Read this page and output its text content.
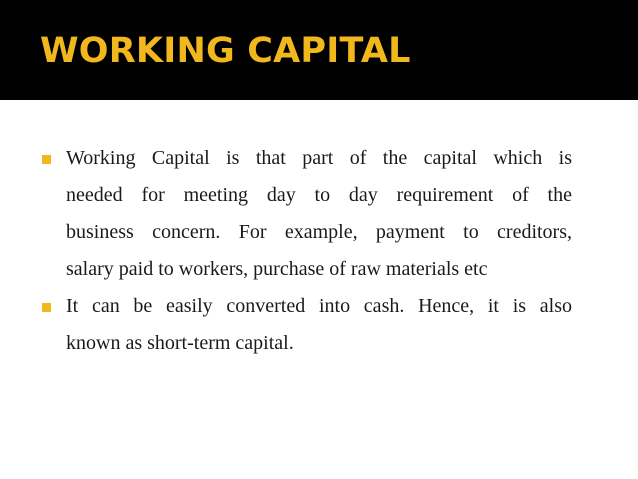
WORKING CAPITAL
Working Capital is that part of the capital which is
needed for meeting day to day requirement of the
business concern. For example, payment to creditors,
salary paid to workers, purchase of raw materials etc
It can be easily converted into cash. Hence, it is also
known as short-term capital.
